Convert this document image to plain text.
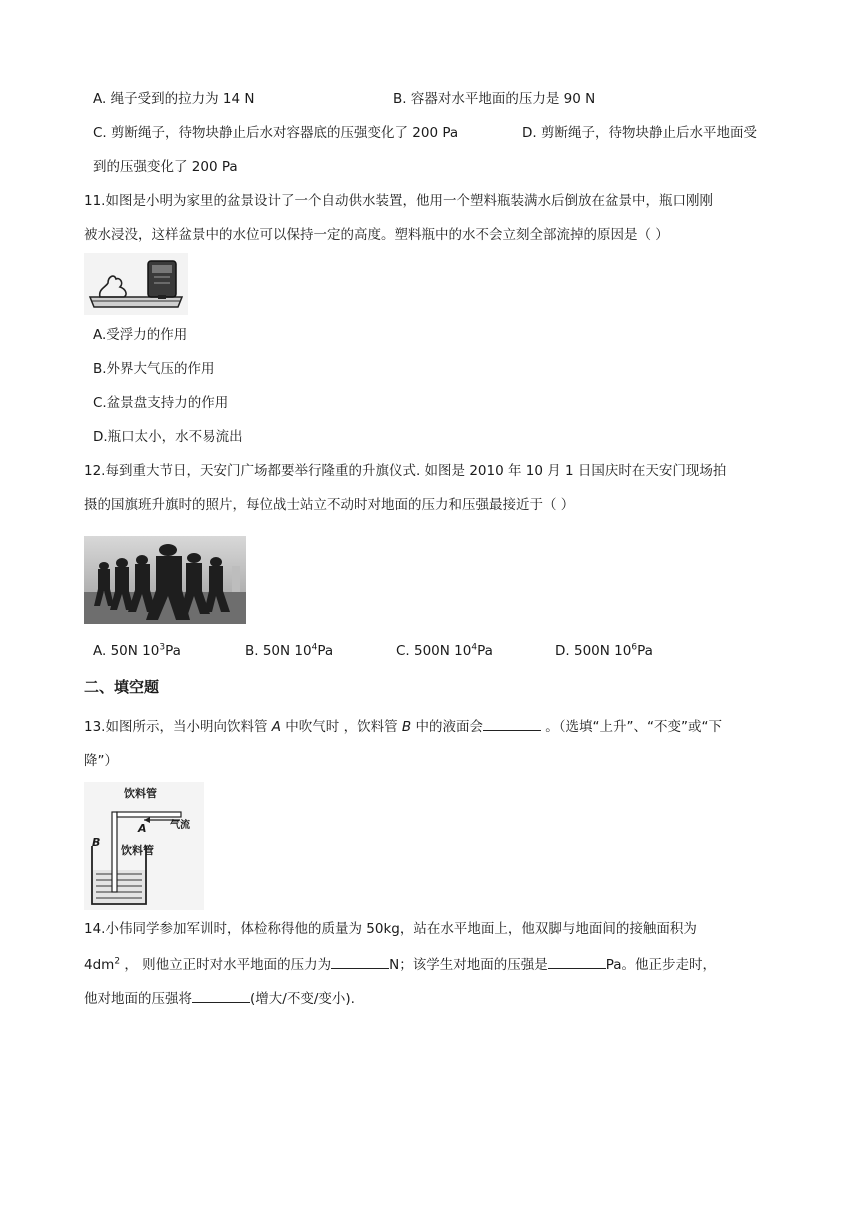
A. 绳子受到的拉力为 14 N	B. 容器对水平地面的压力是 90 N
C. 剪断绳子，待物块静止后水对容器底的压强变化了 200 Pa	D. 剪断绳子，待物块静止后水平地面受
到的压强变化了 200 Pa
11.如图是小明为家里的盆景设计了一个自动供水装置，他用一个塑料瓶装满水后倒放在盆景中，瓶口刚刚
被水浸没，这样盆景中的水位可以保持一定的高度。塑料瓶中的水不会立刻全部流掉的原因是（ ）
A.受浮力的作用
B.外界大气压的作用
C.盆景盘支持力的作用
D.瓶口太小，水不易流出
12.每到重大节日，天安门广场都要举行隆重的升旗仪式. 如图是 2010 年 10 月 1 日国庆时在天安门现场拍
摄的国旗班升旗时的照片，每位战士站立不动时对地面的压力和压强最接近于（ ）
A. 50N $10^3Pa$	B. 50N $10^4Pa$	C. 500N $10^4Pa$	D. 500N $10^6Pa$
二、填空题
13.如图所示，当小明向饮料管 A 中吹气时 ，饮料管 B 中的液面会	。（选填“上升”、“不变”或“下
降”）
饮料管
A 气流
B
饮料管
14.小伟同学参加军训时，体检称得他的质量为 50kg，站在水平地面上，他双脚与地面间的接触面积为
$4dm^2$ ， 则他立正时对水平地面的压力为	N；该学生对地面的压强是	Pa。他正步走时，
他对地面的压强将	(增大/不变/变小).
